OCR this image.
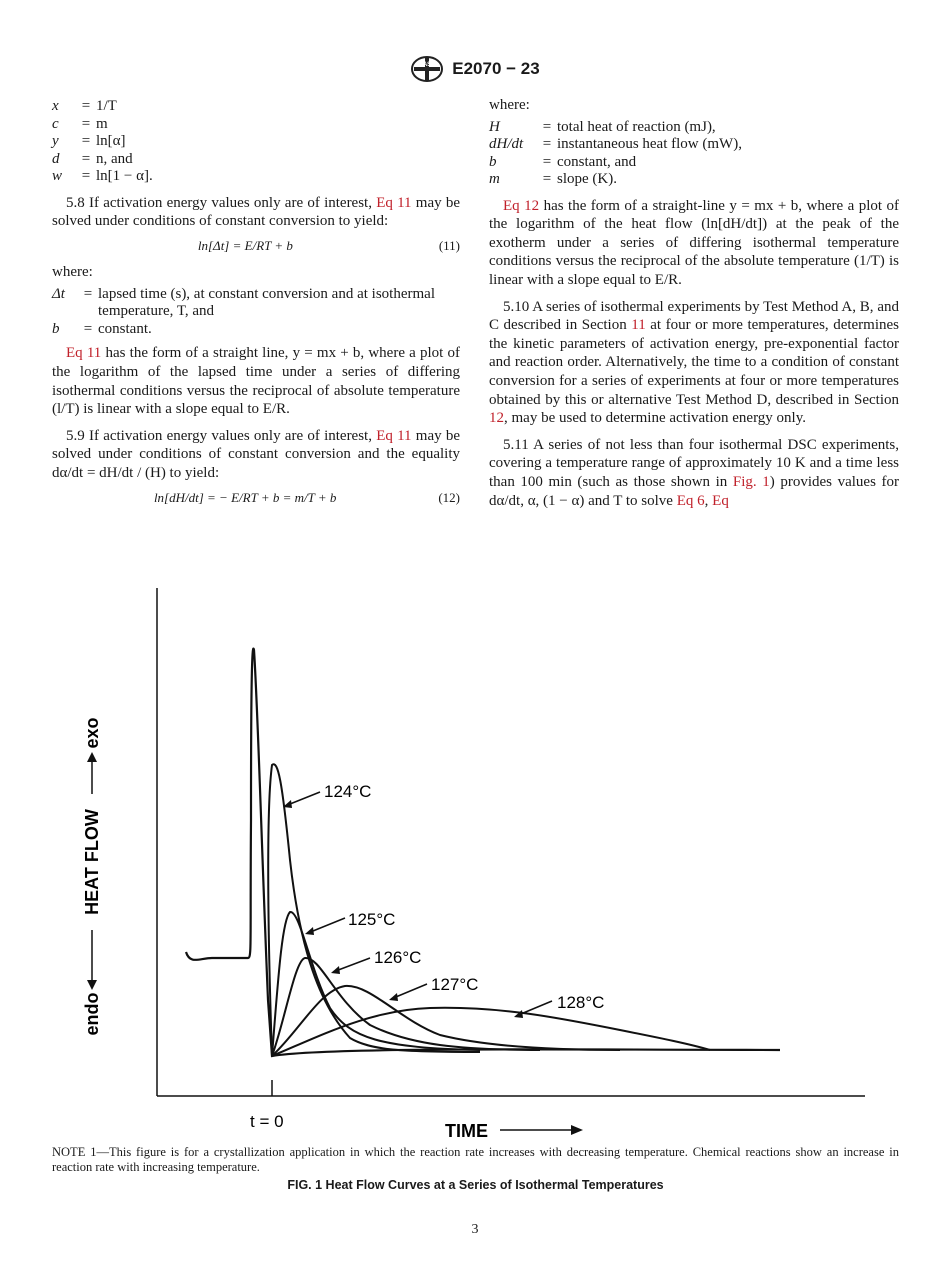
AS E2070 − 23
x	= 1/T
c	= m
y	= ln[α]
d	= n, and
w	= ln[1 − α].

5.8 If activation energy values only are of interest, Eq 11 may be solved under conditions of constant conversion to yield:

ln[Δt] = E/RT + b	(11)

where:

Δt	= lapsed time (s), at constant conversion and at isothermal temperature, T, and
b	= constant.

Eq 11 has the form of a straight line, y = mx + b, where a plot of the logarithm of the lapsed time under a series of differing isothermal conditions versus the reciprocal of absolute temperature (l/T) is linear with a slope equal to E/R.

5.9 If activation energy values only are of interest, Eq 11 may be solved under conditions of constant conversion and the equality dα/dt = dH/dt / (H) to yield:

ln[dH/dt] = − E/RT + b = m/T + b	(12)

where:

H	= total heat of reaction (mJ),
dH/dt	= instantaneous heat flow (mW),
b	= constant, and
m	= slope (K).

Eq 12 has the form of a straight-line y = mx + b, where a plot of the logarithm of the heat flow (ln[dH/dt]) at the peak of the exotherm under a series of differing isothermal temperature conditions versus the reciprocal of the absolute temperature (1/T) is linear with a slope equal to E/R.

5.10 A series of isothermal experiments by Test Method A, B, and C described in Section 11 at four or more temperatures, determines the kinetic parameters of activation energy, pre-exponential factor and reaction order. Alternatively, the time to a condition of constant conversion for a series of experiments at four or more temperatures obtained by this or alternative Test Method D, described in Section 12, may be used to determine activation energy only.

5.11 A series of not less than four isothermal DSC experiments, covering a temperature range of approximately 10 K and a time less than 100 min (such as those shown in Fig. 1) provides values for dα/dt, α, (1 − α) and T to solve Eq 6, Eq

124°C
125°C
126°C
127°C
128°C
t = 0	TIME
endo
HEAT FLOW
exo
NOTE 1—This figure is for a crystallization application in which the reaction rate increases with decreasing temperature. Chemical reactions show an increase in reaction rate with increasing temperature.
FIG. 1 Heat Flow Curves at a Series of Isothermal Temperatures
3
